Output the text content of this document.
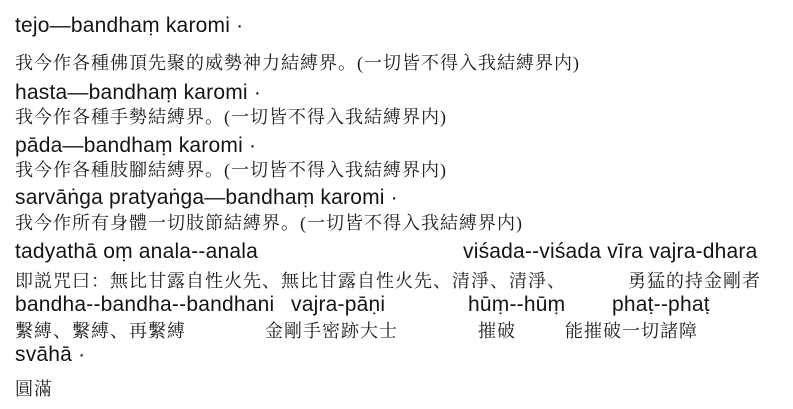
tejo—bandhaṃ karomi ·
我今作各種佛頂先聚的威勢神力結縛界。(一切皆不得入我結縛界内)
hasta—bandhaṃ karomi ·
我今作各種手勢結縛界。(一切皆不得入我結縛界内)
pāda—bandhaṃ karomi ·
我今作各種肢腳結縛界。(一切皆不得入我結縛界内)
sarvāṅga pratyaṅga—bandhaṃ karomi ·
我今作所有身體一切肢節結縛界。(一切皆不得入我結縛界内)
tadyathā oṃ anala--anala	viśada--viśada vīra vajra-dhara
即説咒曰：無比甘露自性火先、無比甘露自性火先、清淨、清淨、	勇猛的持金剛者
bandha--bandha--bandhani vajra-pāṇi	hūṃ--hūṃ phaṭ--phaṭ
繫縛、繫縛、再繫縛	金剛手密跡大士	摧破	能摧破一切諸障
svāhā ·
圓滿
